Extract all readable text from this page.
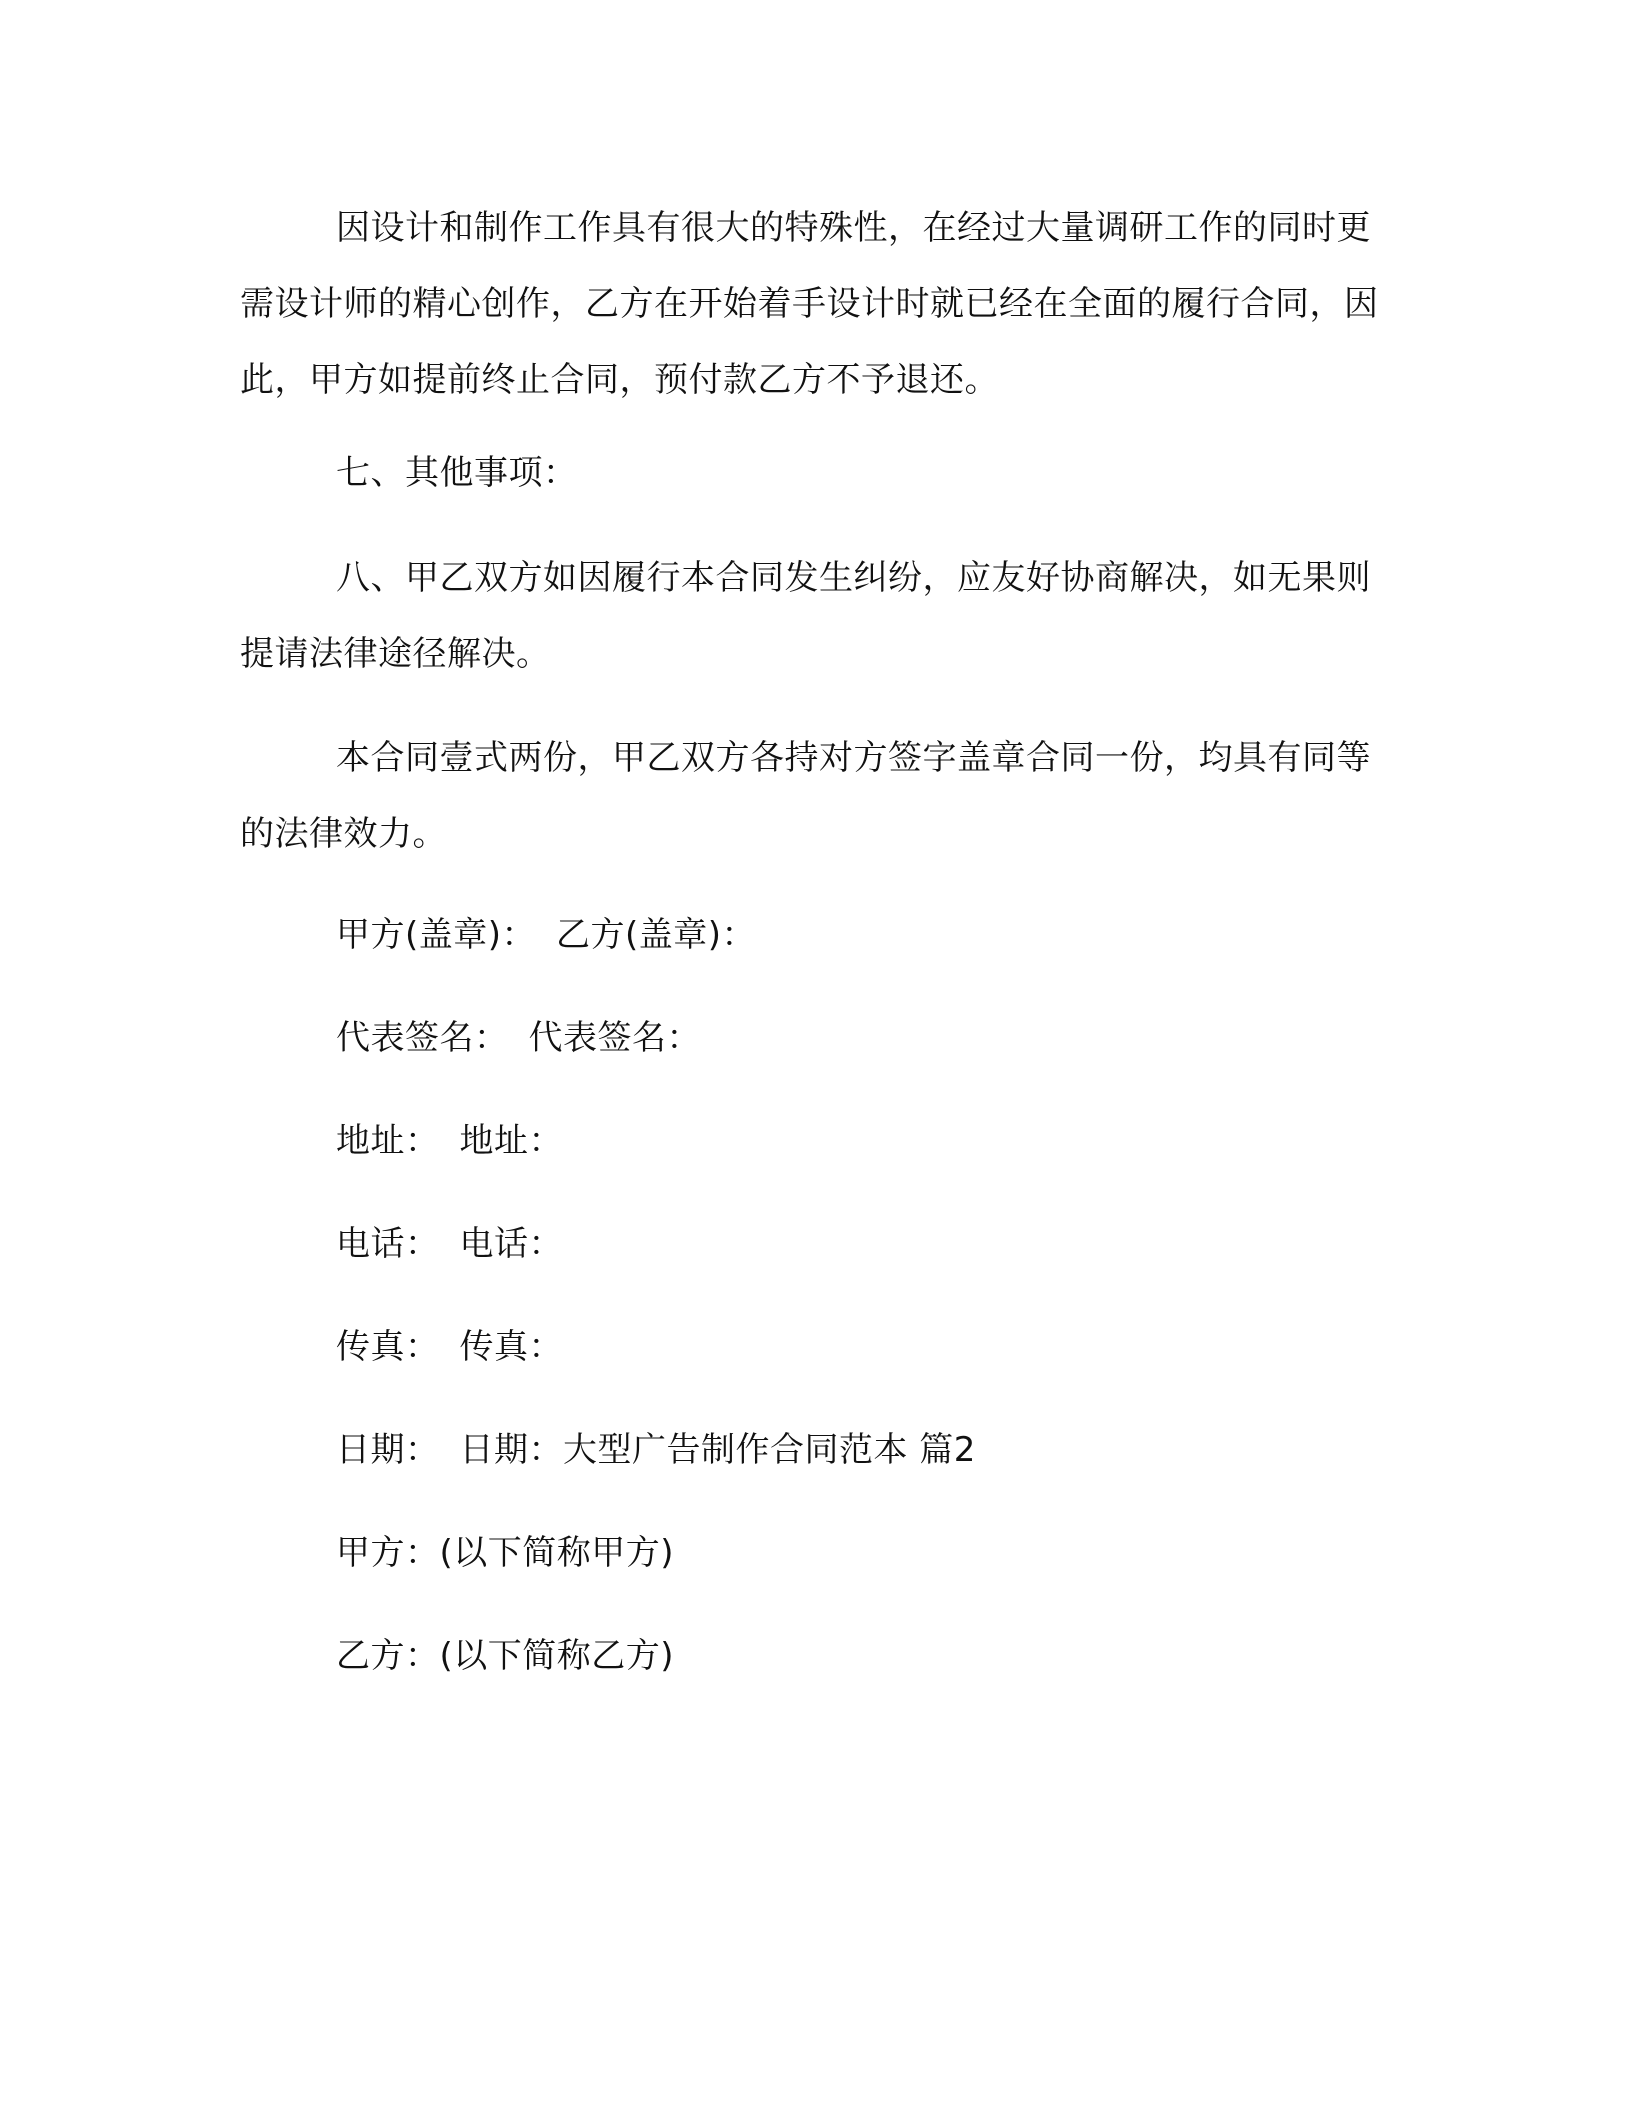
因设计和制作工作具有很大的特殊性，在经过大量调研工作的同时更需设计师的精心创作，乙方在开始着手设计时就已经在全面的履行合同，因此，甲方如提前终止合同，预付款乙方不予退还。

七、其他事项：

八、甲乙双方如因履行本合同发生纠纷，应友好协商解决，如无果则提请法律途径解决。

本合同壹式两份，甲乙双方各持对方签字盖章合同一份，均具有同等的法律效力。

甲方(盖章)： 乙方(盖章)：
代表签名： 代表签名：
地址： 地址：
电话： 电话：
传真： 传真：
日期： 日期：大型广告制作合同范本 篇2
甲方：(以下简称甲方)
乙方：(以下简称乙方)
